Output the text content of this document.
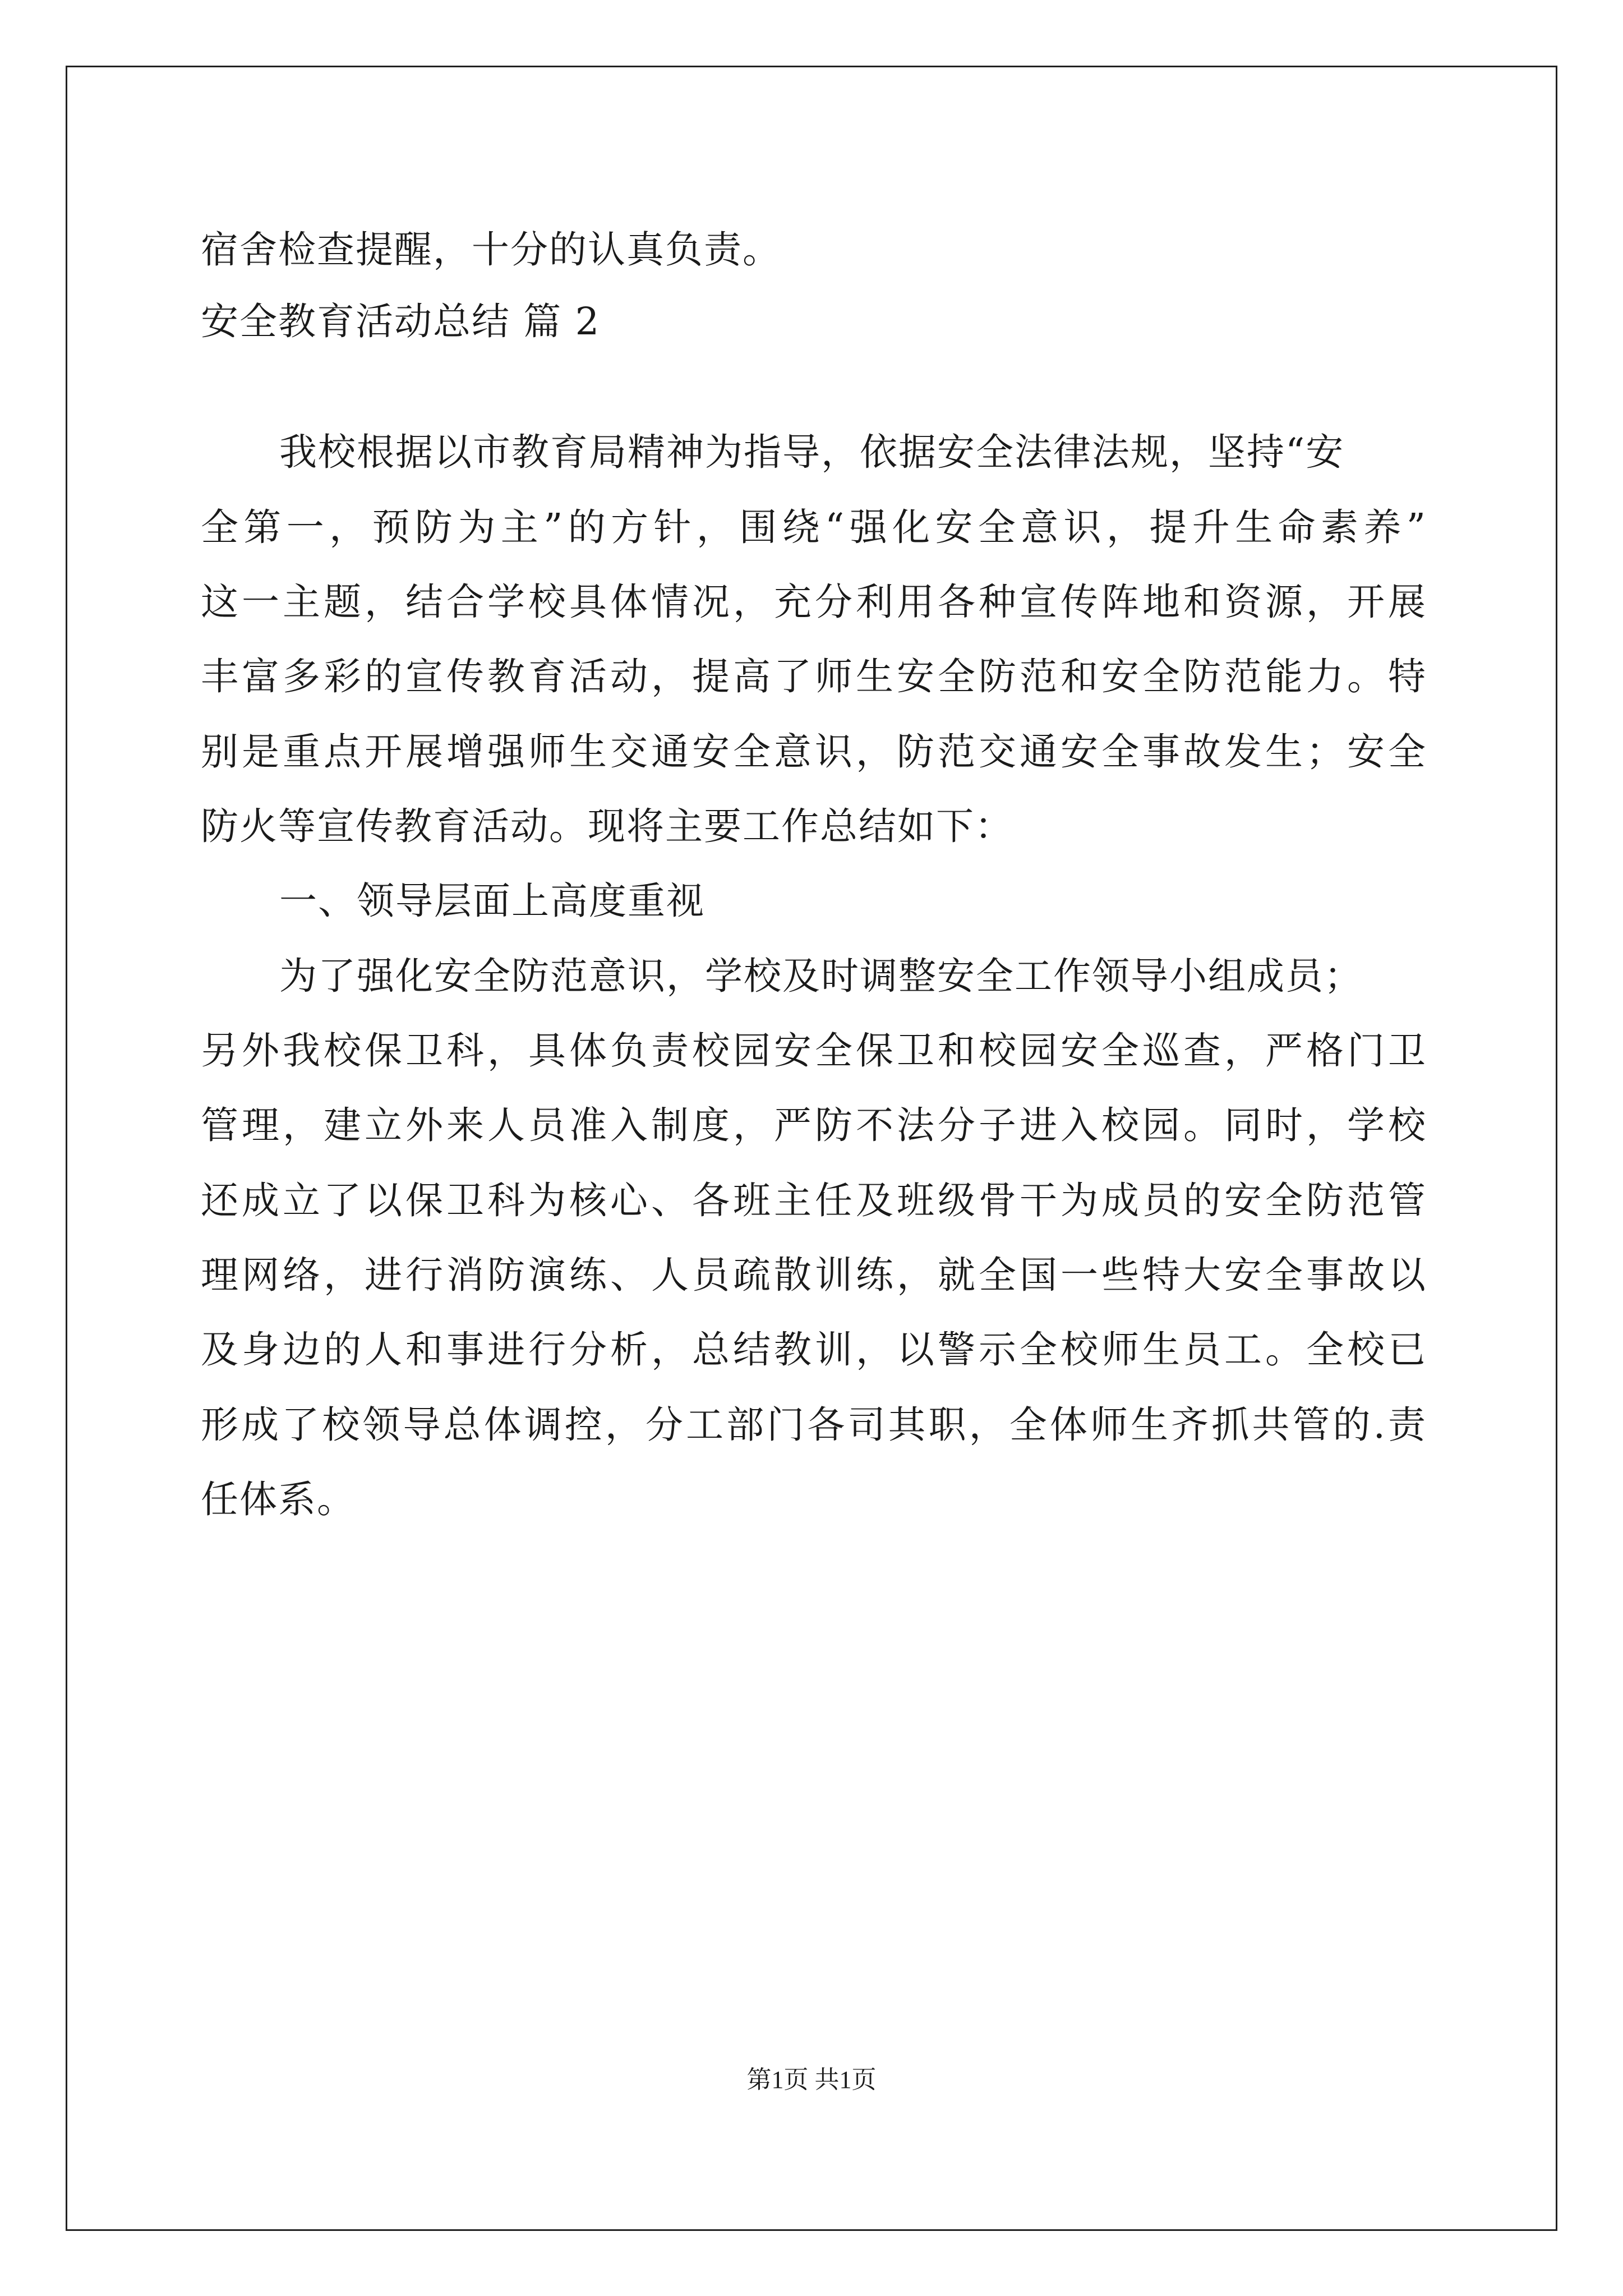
宿舍检查提醒，十分的认真负责。

安全教育活动总结 篇 2

我校根据以市教育局精神为指导，依据安全法律法规，坚持“安

全第一，预防为主”的方针，围绕“强化安全意识，提升生命素养”

这一主题，结合学校具体情况，充分利用各种宣传阵地和资源，开展

丰富多彩的宣传教育活动，提高了师生安全防范和安全防范能力。特

别是重点开展增强师生交通安全意识，防范交通安全事故发生；安全

防火等宣传教育活动。现将主要工作总结如下：

一、领导层面上高度重视

为了强化安全防范意识，学校及时调整安全工作领导小组成员；

另外我校保卫科，具体负责校园安全保卫和校园安全巡查，严格门卫

管理，建立外来人员准入制度，严防不法分子进入校园。同时，学校

还成立了以保卫科为核心、各班主任及班级骨干为成员的安全防范管

理网络，进行消防演练、人员疏散训练，就全国一些特大安全事故以

及身边的人和事进行分析，总结教训，以警示全校师生员工。全校已

形成了校领导总体调控，分工部门各司其职，全体师生齐抓共管的.责

任体系。

第1页 共1页
